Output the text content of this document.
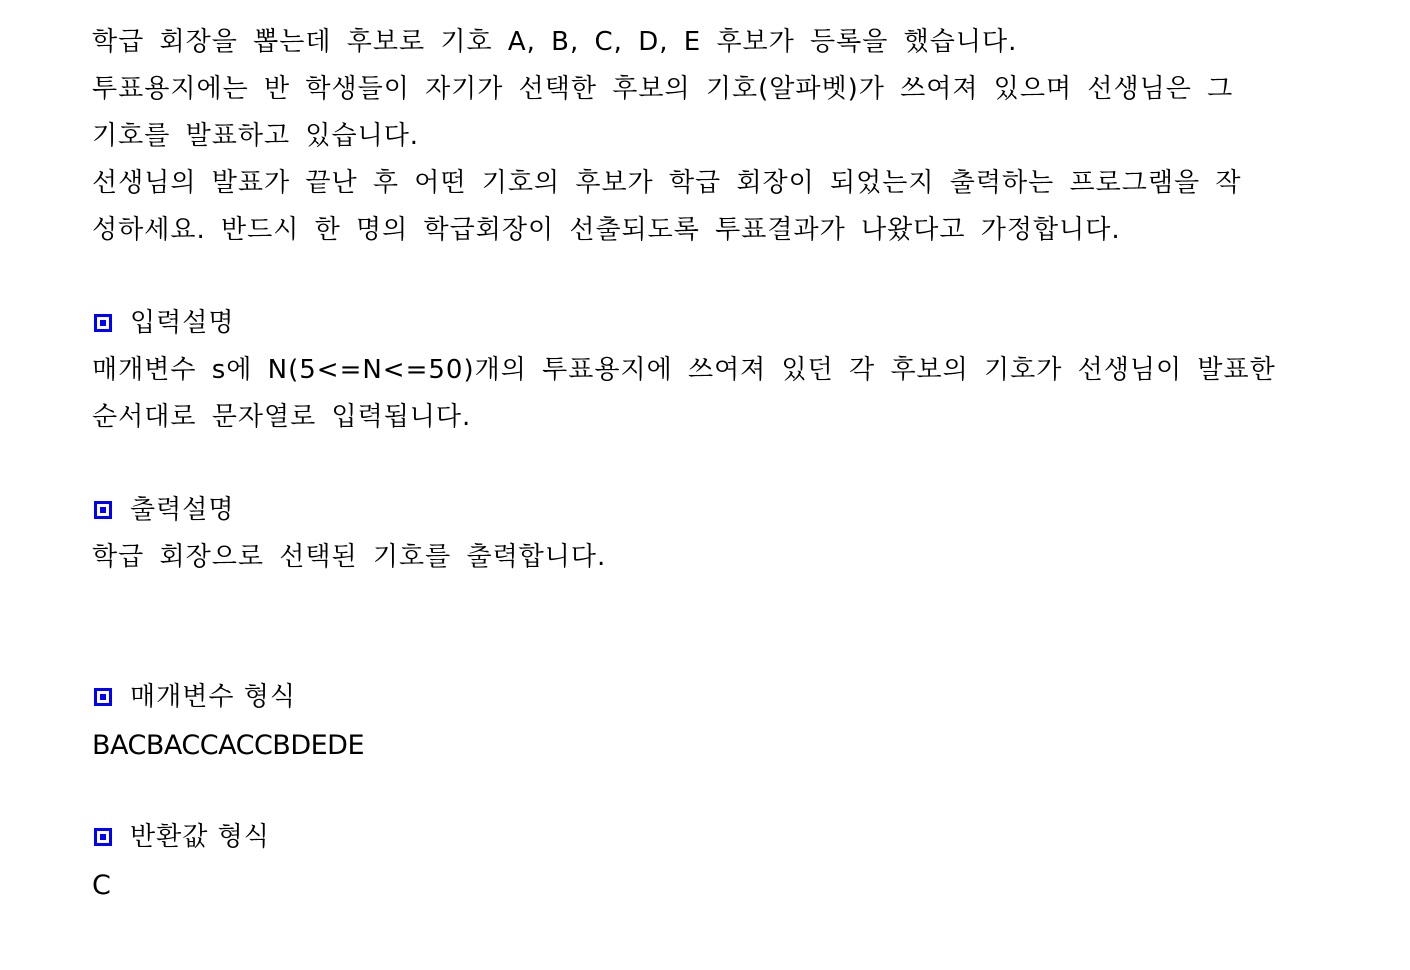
학급 회장을 뽑는데 후보로 기호 A, B, C, D, E 후보가 등록을 했습니다.
투표용지에는 반 학생들이 자기가 선택한 후보의 기호(알파벳)가 쓰여져 있으며 선생님은 그
기호를 발표하고 있습니다.
선생님의 발표가 끝난 후 어떤 기호의 후보가 학급 회장이 되었는지 출력하는 프로그램을 작
성하세요. 반드시 한 명의 학급회장이 선출되도록 투표결과가 나왔다고 가정합니다.
입력설명
매개변수 s에 N(5<=N<=50)개의 투표용지에 쓰여져 있던 각 후보의 기호가 선생님이 발표한
순서대로 문자열로 입력됩니다.
출력설명
학급 회장으로 선택된 기호를 출력합니다.
매개변수 형식
BACBACCACCBDEDE
반환값 형식
C
